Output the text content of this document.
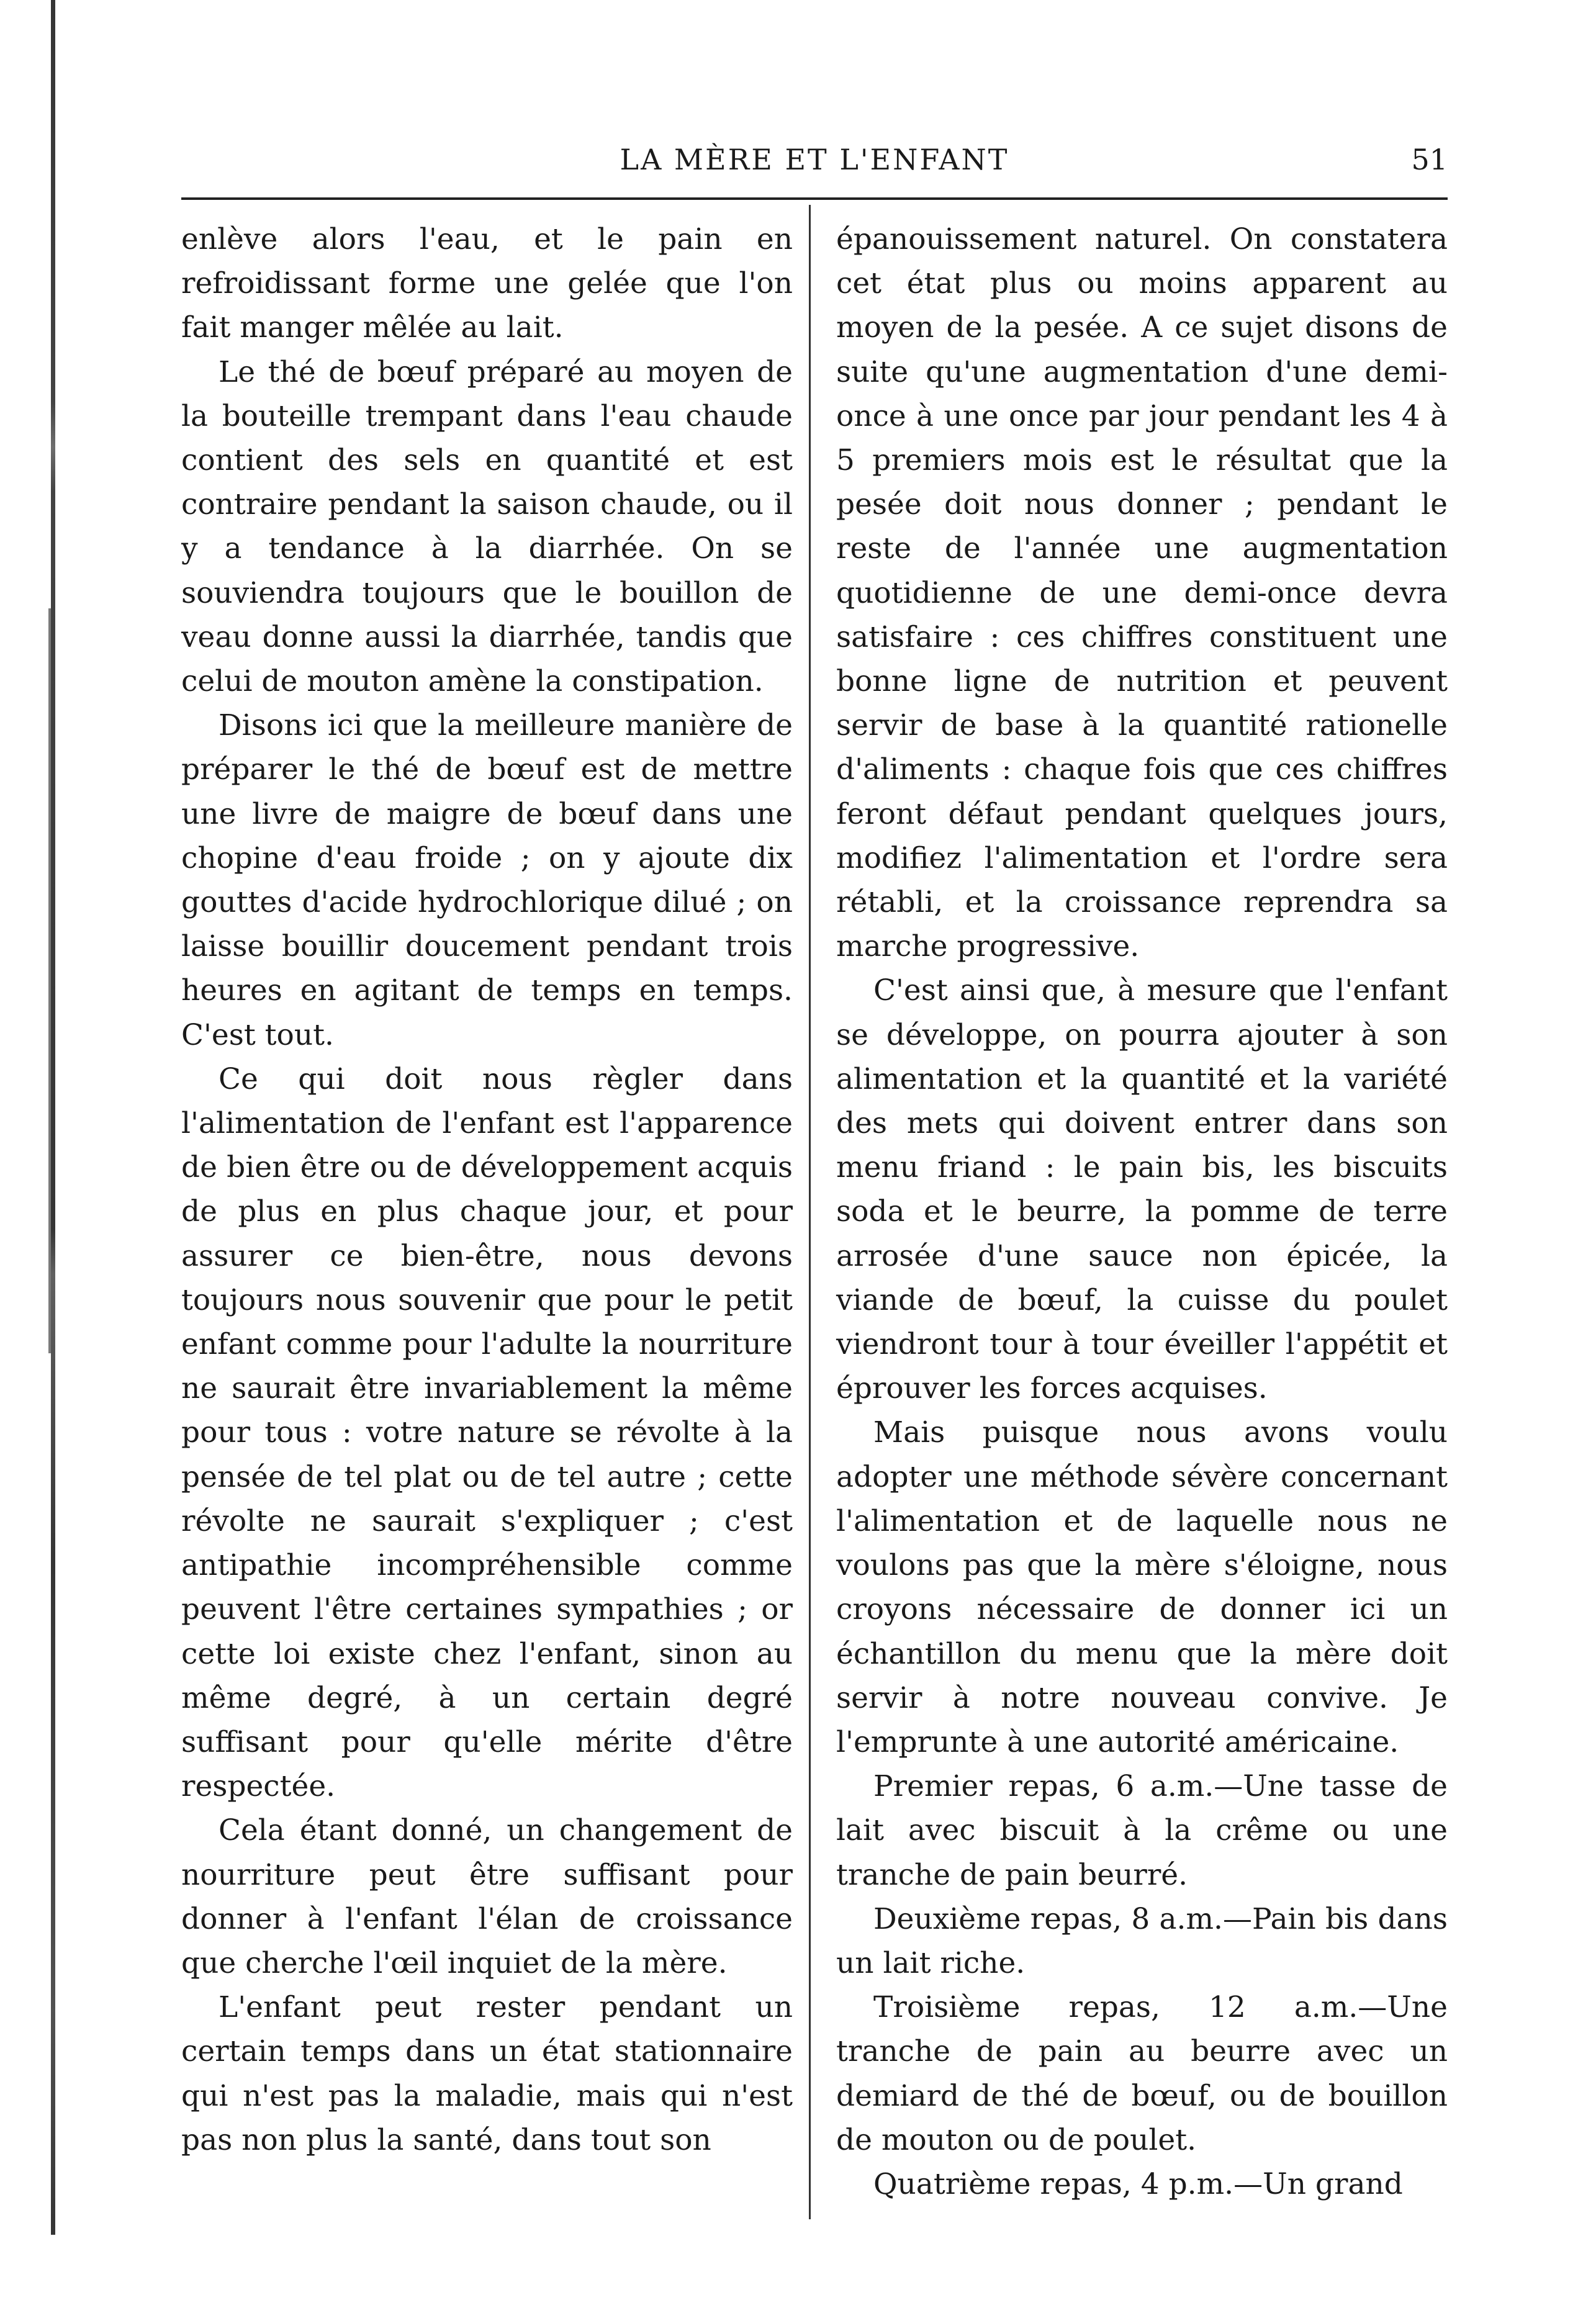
LA MÈRE ET L'ENFANT	51

enlève alors l'eau, et le pain en refroidissant forme une gelée que l'on fait manger mêlée au lait.

Le thé de bœuf préparé au moyen de la bouteille trempant dans l'eau chaude contient des sels en quantité et est contraire pendant la saison chaude, ou il y a tendance à la diarrhée. On se souviendra toujours que le bouillon de veau donne aussi la diarrhée, tandis que celui de mouton amène la constipation.

Disons ici que la meilleure manière de préparer le thé de bœuf est de mettre une livre de maigre de bœuf dans une chopine d'eau froide ; on y ajoute dix gouttes d'acide hydrochlorique dilué ; on laisse bouillir doucement pendant trois heures en agitant de temps en temps. C'est tout.

Ce qui doit nous règler dans l'alimentation de l'enfant est l'apparence de bien être ou de développement acquis de plus en plus chaque jour, et pour assurer ce bien-être, nous devons toujours nous souvenir que pour le petit enfant comme pour l'adulte la nourriture ne saurait être invariablement la même pour tous : votre nature se révolte à la pensée de tel plat ou de tel autre ; cette révolte ne saurait s'expliquer ; c'est antipathie incompréhensible comme peuvent l'être certaines sympathies ; or cette loi existe chez l'enfant, sinon au même degré, à un certain degré suffisant pour qu'elle mérite d'être respectée.

Cela étant donné, un changement de nourriture peut être suffisant pour donner à l'enfant l'élan de croissance que cherche l'œil inquiet de la mère.

L'enfant peut rester pendant un certain temps dans un état stationnaire qui n'est pas la maladie, mais qui n'est pas non plus la santé, dans tout son

épanouissement naturel. On constatera cet état plus ou moins apparent au moyen de la pesée. A ce sujet disons de suite qu'une augmentation d'une demi-once à une once par jour pendant les 4 à 5 premiers mois est le résultat que la pesée doit nous donner ; pendant le reste de l'année une augmentation quotidienne de une demi-once devra satisfaire : ces chiffres constituent une bonne ligne de nutrition et peuvent servir de base à la quantité rationelle d'aliments : chaque fois que ces chiffres feront défaut pendant quelques jours, modifiez l'alimentation et l'ordre sera rétabli, et la croissance reprendra sa marche progressive.

C'est ainsi que, à mesure que l'enfant se développe, on pourra ajouter à son alimentation et la quantité et la variété des mets qui doivent entrer dans son menu friand : le pain bis, les biscuits soda et le beurre, la pomme de terre arrosée d'une sauce non épicée, la viande de bœuf, la cuisse du poulet viendront tour à tour éveiller l'appétit et éprouver les forces acquises.

Mais puisque nous avons voulu adopter une méthode sévère concernant l'alimentation et de laquelle nous ne voulons pas que la mère s'éloigne, nous croyons nécessaire de donner ici un échantillon du menu que la mère doit servir à notre nouveau convive. Je l'emprunte à une autorité américaine.

Premier repas, 6 a.m.—Une tasse de lait avec biscuit à la crême ou une tranche de pain beurré.

Deuxième repas, 8 a.m.—Pain bis dans un lait riche.

Troisième repas, 12 a.m.—Une tranche de pain au beurre avec un demiard de thé de bœuf, ou de bouillon de mouton ou de poulet.

Quatrième repas, 4 p.m.—Un grand
